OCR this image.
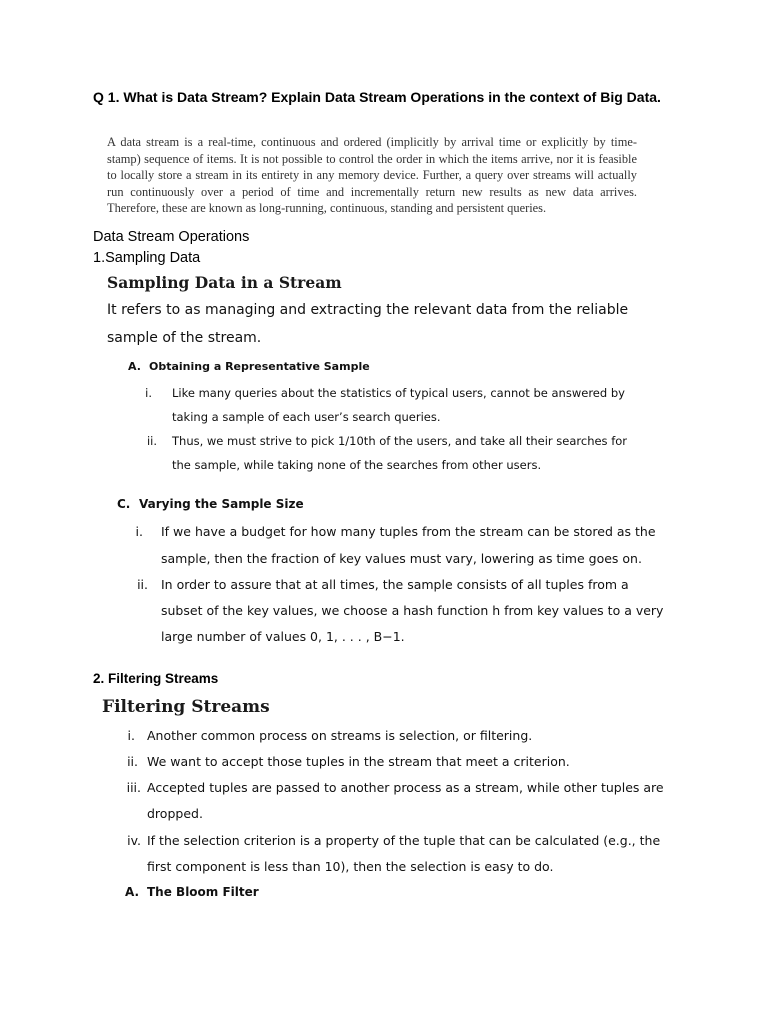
Q 1. What is Data Stream? Explain Data Stream Operations in the context of Big Data.
A data stream is a real-time, continuous and ordered (implicitly by arrival time or explicitly by time-stamp) sequence of items. It is not possible to control the order in which the items arrive, nor it is feasible to locally store a stream in its entirety in any memory device. Further, a query over streams will actually run continuously over a period of time and incrementally return new results as new data arrives. Therefore, these are known as long-running, continuous, standing and persistent queries.
Data Stream Operations
1.Sampling Data
Sampling Data in a Stream
It refers to as managing and extracting the relevant data from the reliable
sample of the stream.
A. Obtaining a Representative Sample
i. Like many queries about the statistics of typical users, cannot be answered by
taking a sample of each user’s search queries.
ii. Thus, we must strive to pick 1/10th of the users, and take all their searches for
the sample, while taking none of the searches from other users.
C. Varying the Sample Size
i. If we have a budget for how many tuples from the stream can be stored as the
sample, then the fraction of key values must vary, lowering as time goes on.
ii. In order to assure that at all times, the sample consists of all tuples from a
subset of the key values, we choose a hash function h from key values to a very
large number of values 0, 1, . . . , B−1.
2. Filtering Streams
Filtering Streams
i. Another common process on streams is selection, or filtering.
ii. We want to accept those tuples in the stream that meet a criterion.
iii. Accepted tuples are passed to another process as a stream, while other tuples are
dropped.
iv. If the selection criterion is a property of the tuple that can be calculated (e.g., the
first component is less than 10), then the selection is easy to do.
A. The Bloom Filter
